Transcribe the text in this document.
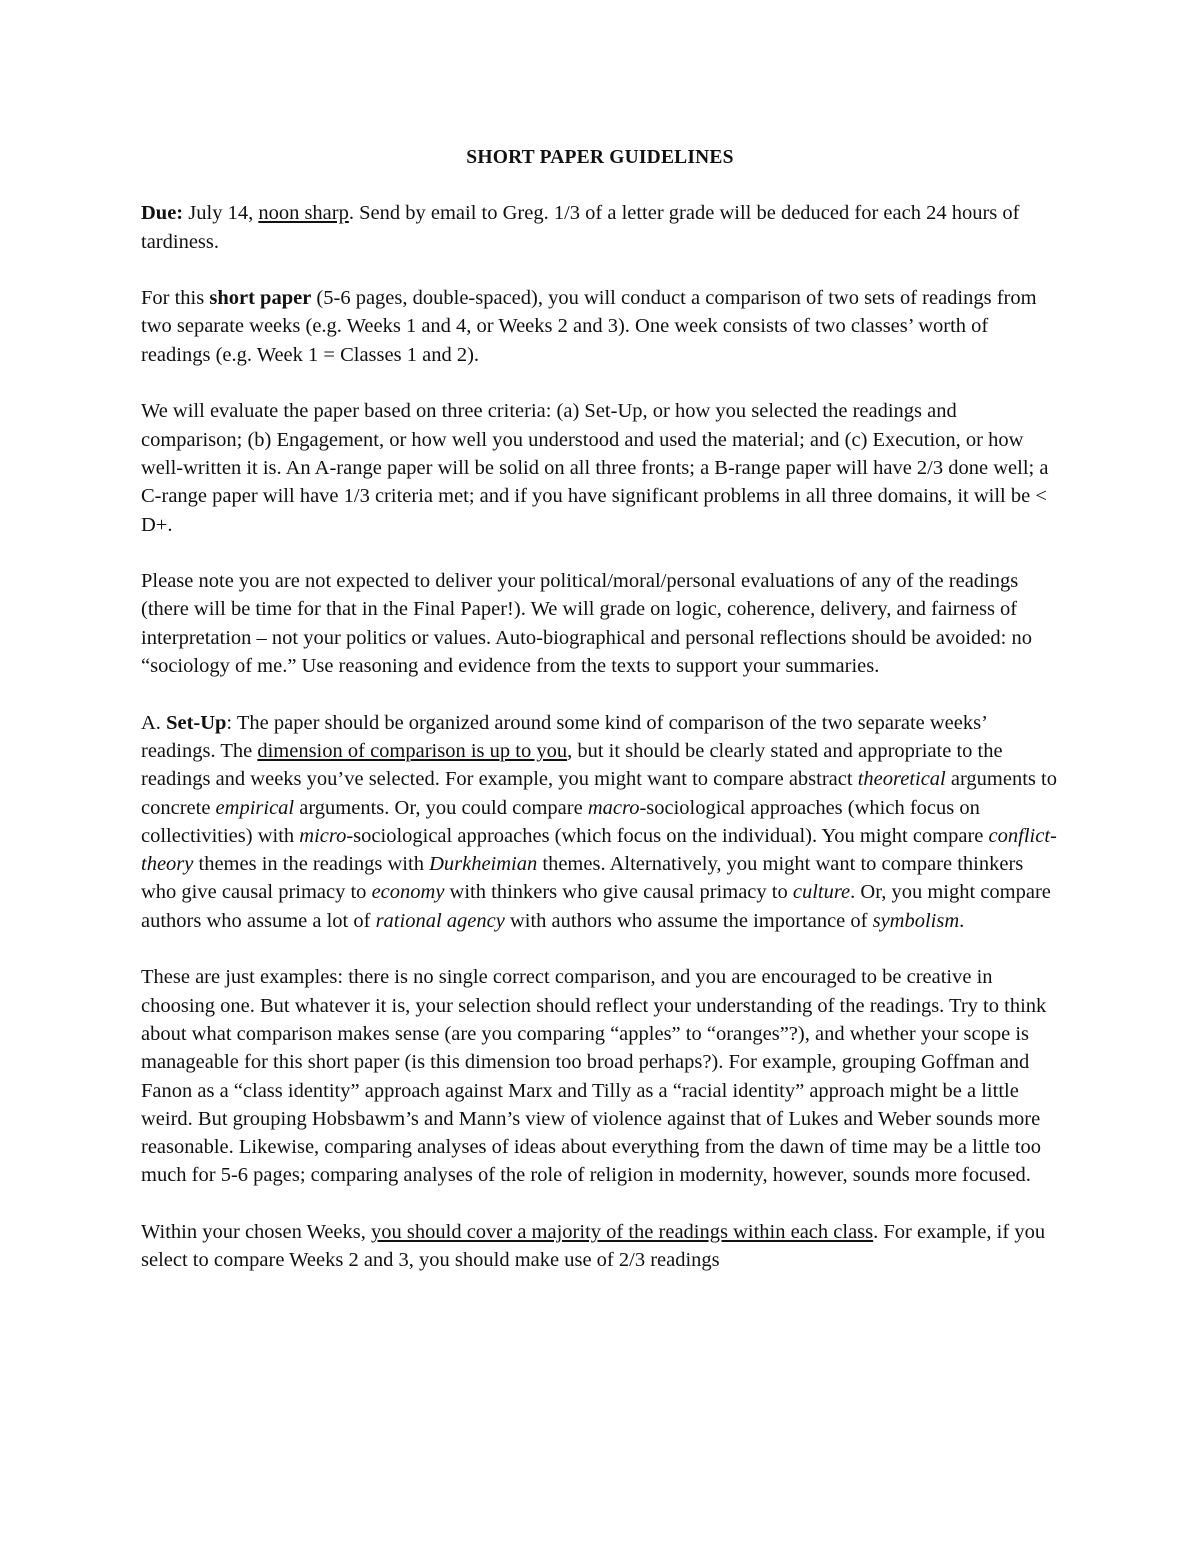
SHORT PAPER GUIDELINES

Due: July 14, noon sharp. Send by email to Greg. 1/3 of a letter grade will be deduced for each 24 hours of tardiness.

For this short paper (5-6 pages, double-spaced), you will conduct a comparison of two sets of readings from two separate weeks (e.g. Weeks 1 and 4, or Weeks 2 and 3). One week consists of two classes’ worth of readings (e.g. Week 1 = Classes 1 and 2).

We will evaluate the paper based on three criteria: (a) Set-Up, or how you selected the readings and comparison; (b) Engagement, or how well you understood and used the material; and (c) Execution, or how well-written it is. An A-range paper will be solid on all three fronts; a B-range paper will have 2/3 done well; a C-range paper will have 1/3 criteria met; and if you have significant problems in all three domains, it will be < D+.

Please note you are not expected to deliver your political/moral/personal evaluations of any of the readings (there will be time for that in the Final Paper!). We will grade on logic, coherence, delivery, and fairness of interpretation – not your politics or values. Auto-biographical and personal reflections should be avoided: no “sociology of me.” Use reasoning and evidence from the texts to support your summaries.

A. Set-Up: The paper should be organized around some kind of comparison of the two separate weeks’ readings. The dimension of comparison is up to you, but it should be clearly stated and appropriate to the readings and weeks you’ve selected. For example, you might want to compare abstract theoretical arguments to concrete empirical arguments. Or, you could compare macro-sociological approaches (which focus on collectivities) with micro-sociological approaches (which focus on the individual). You might compare conflict-theory themes in the readings with Durkheimian themes. Alternatively, you might want to compare thinkers who give causal primacy to economy with thinkers who give causal primacy to culture. Or, you might compare authors who assume a lot of rational agency with authors who assume the importance of symbolism.

These are just examples: there is no single correct comparison, and you are encouraged to be creative in choosing one. But whatever it is, your selection should reflect your understanding of the readings. Try to think about what comparison makes sense (are you comparing “apples” to “oranges”?), and whether your scope is manageable for this short paper (is this dimension too broad perhaps?). For example, grouping Goffman and Fanon as a “class identity” approach against Marx and Tilly as a “racial identity” approach might be a little weird. But grouping Hobsbawm’s and Mann’s view of violence against that of Lukes and Weber sounds more reasonable. Likewise, comparing analyses of ideas about everything from the dawn of time may be a little too much for 5-6 pages; comparing analyses of the role of religion in modernity, however, sounds more focused.

Within your chosen Weeks, you should cover a majority of the readings within each class. For example, if you select to compare Weeks 2 and 3, you should make use of 2/3 readings
